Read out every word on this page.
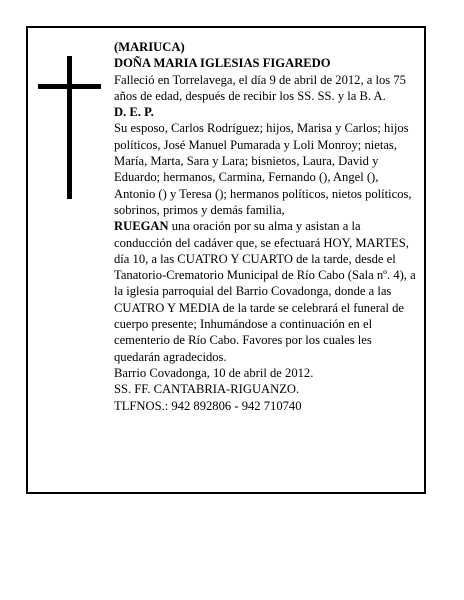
(MARIUCA)

DOÑA MARIA IGLESIAS FIGAREDO

Falleció en Torrelavega, el día 9 de abril de 2012, a los 75 años de edad, después de recibir los SS. SS. y la B. A.

D. E. P.

Su esposo, Carlos Rodríguez; hijos, Marisa y Carlos; hijos políticos, José Manuel Pumarada y Loli Monroy; nietas, María, Marta, Sara y Lara; bisnietos, Laura, David y Eduardo; hermanos, Carmina, Fernando (), Angel (), Antonio () y Teresa (); hermanos políticos, nietos políticos, sobrinos, primos y demás familia,

RUEGAN una oración por su alma y asistan a la conducción del cadáver que, se efectuará HOY, MARTES, día 10, a las CUATRO Y CUARTO de la tarde, desde el Tanatorio-Crematorio Municipal de Río Cabo (Sala nº. 4), a la iglesia parroquial del Barrio Covadonga, donde a las CUATRO Y MEDIA de la tarde se celebrará el funeral de cuerpo presente; Inhumándose a continuación en el cementerio de Río Cabo. Favores por los cuales les quedarán agradecidos.

Barrio Covadonga, 10 de abril de 2012.

SS. FF. CANTABRIA-RIGUANZO.

TLFNOS.: 942 892806 - 942 710740
